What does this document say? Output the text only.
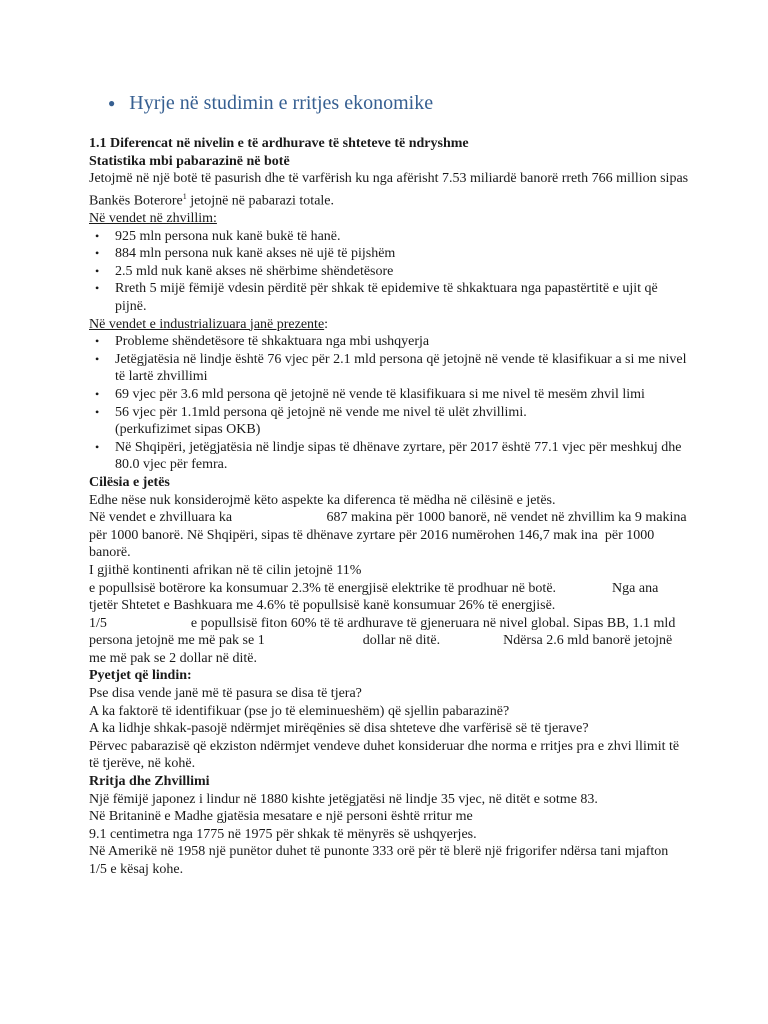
● Hyrje në studimin e rritjes ekonomike

1.1 Diferencat në nivelin e të ardhurave të shteteve të ndryshme

Statistika mbi pabarazinë në botë

Jetojmë në një botë të pasurish dhe të varfërish ku nga afërisht 7.53 miliardë banorë rreth 766 million sipas Bankës Boterore$^1$ jetojnë në pabarazi totale.

Në vendet në zhvillim:

• 925 mln persona nuk kanë bukë të hanë.
• 884 mln persona nuk kanë akses në ujë të pijshëm
• 2.5 mld nuk kanë akses në shërbime shëndetësore
• Rreth 5 mijë fëmijë vdesin përditë për shkak të epidemive të shkaktuara nga papastërtitë e ujit që pijnë.

Në vendet e industrializuara janë prezente:

• Probleme shëndetësore të shkaktuara nga mbi ushqyerja
• Jetëgjatësia në lindje është 76 vjec për 2.1 mld persona që jetojnë në vende të klasifikuar a si me nivel të lartë zhvillimi
• 69 vjec për 3.6 mld persona që jetojnë në vende të klasifikuara si me nivel të mesëm zhvil limi
• 56 vjec për 1.1mld persona që jetojnë në vende me nivel të ulët zhvillimi.

(perkufizimet sipas OKB)

• Në Shqipëri, jetëgjatësia në lindje sipas të dhënave zyrtare, për 2017 është 77.1 vjec për meshkuj dhe 80.0 vjec për femra.

Cilësia e jetës

Edhe nëse nuk konsiderojmë këto aspekte ka diferenca të mëdha në cilësinë e jetës.

Në vendet e zhvilluara ka                           687 makina për 1000 banorë, në vendet në zhvillim ka 9 makina për 1000 banorë. Në Shqipëri, sipas të dhënave zyrtare për 2016 numërohen 146,7 mak ina  për 1000 banorë.

I gjithë kontinenti afrikan në të cilin jetojnë 11%

e popullsisë botërore ka konsumuar 2.3% të energjisë elektrike të prodhuar në botë.                Nga ana tjetër Shtetet e Bashkuara me 4.6% të popullsisë kanë konsumuar 26% të energjisë.

1/5                        e popullsisë fiton 60% të të ardhurave të gjeneruara në nivel global. Sipas BB, 1.1 mld persona jetojnë me më pak se 1                            dollar në ditë.                  Ndërsa 2.6 mld banorë jetojnë me më pak se 2 dollar në ditë.

Pyetjet që lindin:

Pse disa vende janë më të pasura se disa të tjera?

A ka faktorë të identifikuar (pse jo të eleminueshëm) që sjellin pabarazinë?

A ka lidhje shkak-pasojë ndërmjet mirëqënies së disa shteteve dhe varfërisë së të tjerave?

Përvec pabarazisë që ekziston ndërmjet vendeve duhet konsideruar dhe norma e rritjes pra e zhvi llimit të të tjerëve, në kohë.

Rritja dhe Zhvillimi

Një fëmijë japonez i lindur në 1880 kishte jetëgjatësi në lindje 35 vjec, në ditët e sotme 83.

Në Britaninë e Madhe gjatësia mesatare e një personi është rritur me

9.1 centimetra nga 1775 në 1975 për shkak të mënyrës së ushqyerjes.

Në Amerikë në 1958 një punëtor duhet të punonte 333 orë për të blerë një frigorifer ndërsa tani mjafton 1/5 e kësaj kohe.
